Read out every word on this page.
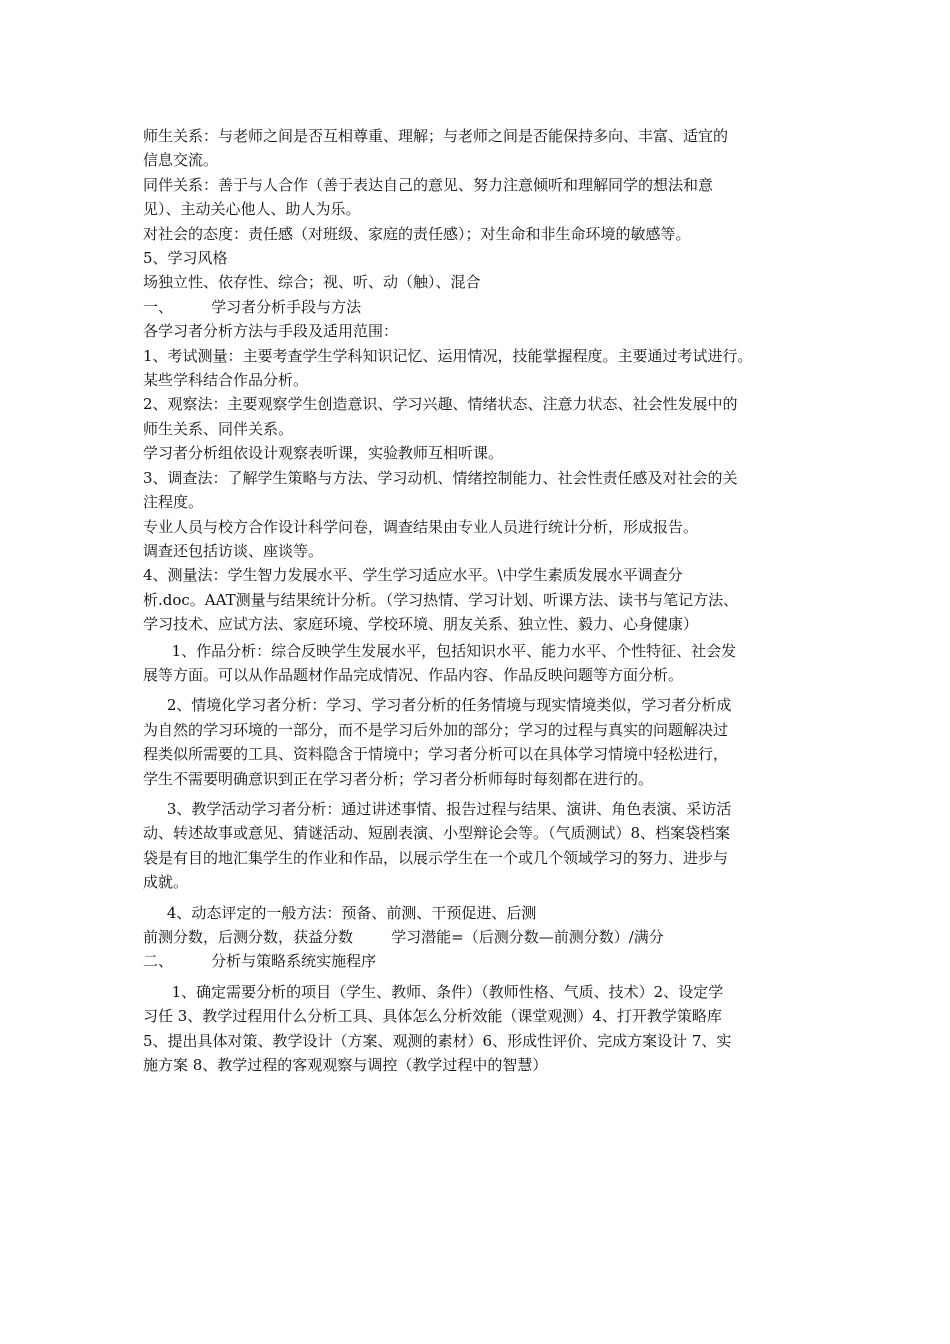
师生关系：与老师之间是否互相尊重、理解；与老师之间是否能保持多向、丰富、适宜的
信息交流。
同伴关系：善于与人合作（善于表达自己的意见、努力注意倾听和理解同学的想法和意
见）、主动关心他人、助人为乐。
对社会的态度：责任感（对班级、家庭的责任感）；对生命和非生命环境的敏感等。
5、学习风格
场独立性、依存性、综合；视、听、动（触）、混合
一、        学习者分析手段与方法
各学习者分析方法与手段及适用范围：
1、考试测量：主要考查学生学科知识记忆、运用情况，技能掌握程度。主要通过考试进行。
某些学科结合作品分析。
2、观察法：主要观察学生创造意识、学习兴趣、情绪状态、注意力状态、社会性发展中的
师生关系、同伴关系。
学习者分析组依设计观察表听课，实验教师互相听课。
3、调查法：了解学生策略与方法、学习动机、情绪控制能力、社会性责任感及对社会的关
注程度。
专业人员与校方合作设计科学问卷，调查结果由专业人员进行统计分析，形成报告。
调查还包括访谈、座谈等。
4、测量法：学生智力发展水平、学生学习适应水平。\中学生素质发展水平调查分
析.doc。AAT测量与结果统计分析。（学习热情、学习计划、听课方法、读书与笔记方法、
学习技术、应试方法、家庭环境、学校环境、朋友关系、独立性、毅力、心身健康）
1、作品分析：综合反映学生发展水平，包括知识水平、能力水平、个性特征、社会发
展等方面。可以从作品题材作品完成情况、作品内容、作品反映问题等方面分析。
2、情境化学习者分析：学习、学习者分析的任务情境与现实情境类似，学习者分析成
为自然的学习环境的一部分，而不是学习后外加的部分；学习的过程与真实的问题解决过
程类似所需要的工具、资料隐含于情境中；学习者分析可以在具体学习情境中轻松进行，
学生不需要明确意识到正在学习者分析；学习者分析师每时每刻都在进行的。
3、教学活动学习者分析：通过讲述事情、报告过程与结果、演讲、角色表演、采访活
动、转述故事或意见、猜谜活动、短剧表演、小型辩论会等。（气质测试）8、档案袋档案
袋是有目的地汇集学生的作业和作品，以展示学生在一个或几个领域学习的努力、进步与
成就。
4、动态评定的一般方法：预备、前测、干预促进、后测
前测分数，后测分数，获益分数        学习潜能=（后测分数—前测分数）/满分
二、        分析与策略系统实施程序
1、确定需要分析的项目（学生、教师、条件）（教师性格、气质、技术）2、设定学
习任 3、教学过程用什么分析工具、具体怎么分析效能（课堂观测）4、打开教学策略库
5、提出具体对策、教学设计（方案、观测的素材）6、形成性评价、完成方案设计 7、实
施方案 8、教学过程的客观观察与调控（教学过程中的智慧）
